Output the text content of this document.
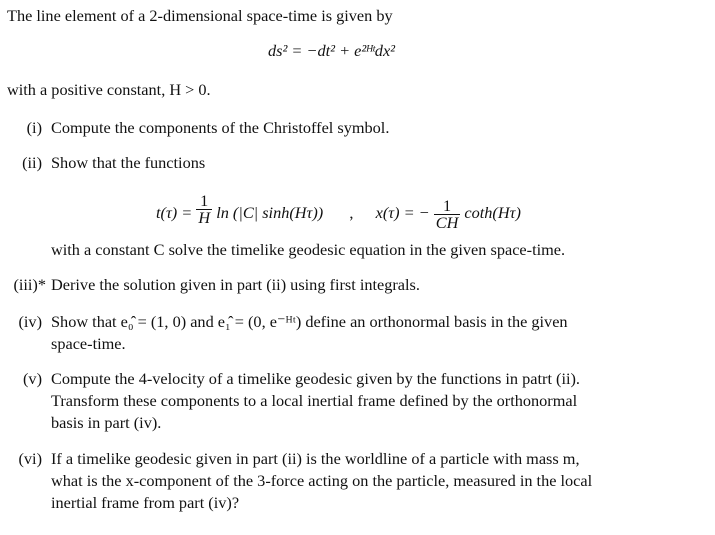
The line element of a 2-dimensional space-time is given by
ds² = −dt² + e²ᴴᵗdx²
with a positive constant, H > 0.
(i) Compute the components of the Christoffel symbol.
(ii) Show that the functions
$t(\tau) = \frac{1}{H}$ ln (|C| sinh(Hτ)) , x(τ) = − $\frac{1}{CH} \cot h(H\tau)$
with a constant C solve the timelike geodesic equation in the given space-time.
(iii)* Derive the solution given in part (ii) using first integrals.
(iv) Show that e₀̂ = (1, 0) and e₁̂ = (0, e⁻ᴴᵗ) define an orthonormal basis in the given
space-time.
(v) Compute the 4-velocity of a timelike geodesic given by the functions in patrt (ii).
Transform these components to a local inertial frame defined by the orthonormal
basis in part (iv).
(vi) If a timelike geodesic given in part (ii) is the worldline of a particle with mass m,
what is the x-component of the 3-force acting on the particle, measured in the local
inertial frame from part (iv)?
